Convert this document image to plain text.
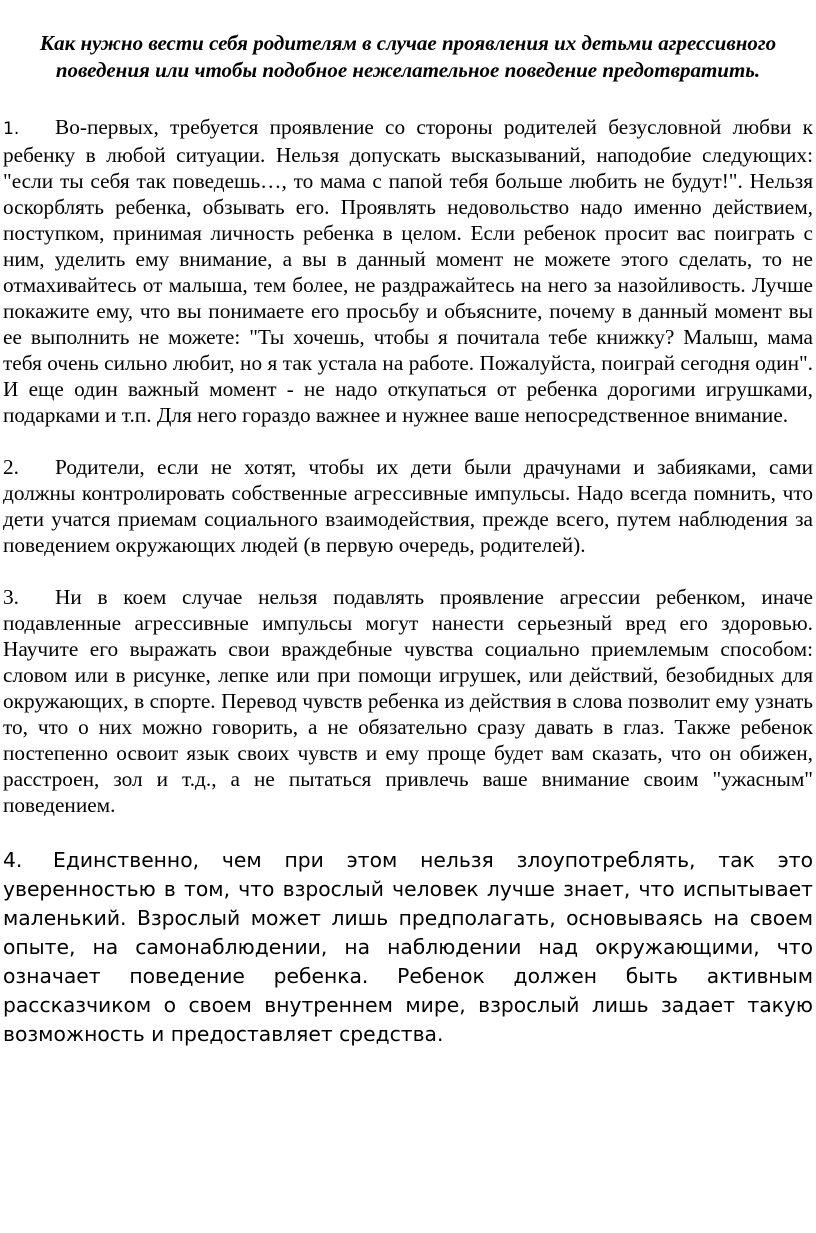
Как нужно вести себя родителям в случае проявления их детьми агрессивного поведения или чтобы подобное нежелательное поведение предотвратить.

1. Во-первых, требуется проявление со стороны родителей безусловной любви к ребенку в любой ситуации. Нельзя допускать высказываний, наподобие следующих: "если ты себя так поведешь…, то мама с папой тебя больше любить не будут!". Нельзя оскорблять ребенка, обзывать его. Проявлять недовольство надо именно действием, поступком, принимая личность ребенка в целом. Если ребенок просит вас поиграть с ним, уделить ему внимание, а вы в данный момент не можете этого сделать, то не отмахивайтесь от малыша, тем более, не раздражайтесь на него за назойливость. Лучше покажите ему, что вы понимаете его просьбу и объясните, почему в данный момент вы ее выполнить не можете: "Ты хочешь, чтобы я почитала тебе книжку? Малыш, мама тебя очень сильно любит, но я так устала на работе. Пожалуйста, поиграй сегодня один". И еще один важный момент - не надо откупаться от ребенка дорогими игрушками, подарками и т.п. Для него гораздо важнее и нужнее ваше непосредственное внимание.

2. Родители, если не хотят, чтобы их дети были драчунами и забияками, сами должны контролировать собственные агрессивные импульсы. Надо всегда помнить, что дети учатся приемам социального взаимодействия, прежде всего, путем наблюдения за поведением окружающих людей (в первую очередь, родителей).

3. Ни в коем случае нельзя подавлять проявление агрессии ребенком, иначе подавленные агрессивные импульсы могут нанести серьезный вред его здоровью. Научите его выражать свои враждебные чувства социально приемлемым способом: словом или в рисунке, лепке или при помощи игрушек, или действий, безобидных для окружающих, в спорте. Перевод чувств ребенка из действия в слова позволит ему узнать то, что о них можно говорить, а не обязательно сразу давать в глаз. Также ребенок постепенно освоит язык своих чувств и ему проще будет вам сказать, что он обижен, расстроен, зол и т.д., а не пытаться привлечь ваше внимание своим "ужасным" поведением.

4. Единственно, чем при этом нельзя злоупотреблять, так это уверенностью в том, что взрослый человек лучше знает, что испытывает маленький. Взрослый может лишь предполагать, основываясь на своем опыте, на самонаблюдении, на наблюдении над окружающими, что означает поведение ребенка. Ребенок должен быть активным рассказчиком о своем внутреннем мире, взрослый лишь задает такую возможность и предоставляет средства.
